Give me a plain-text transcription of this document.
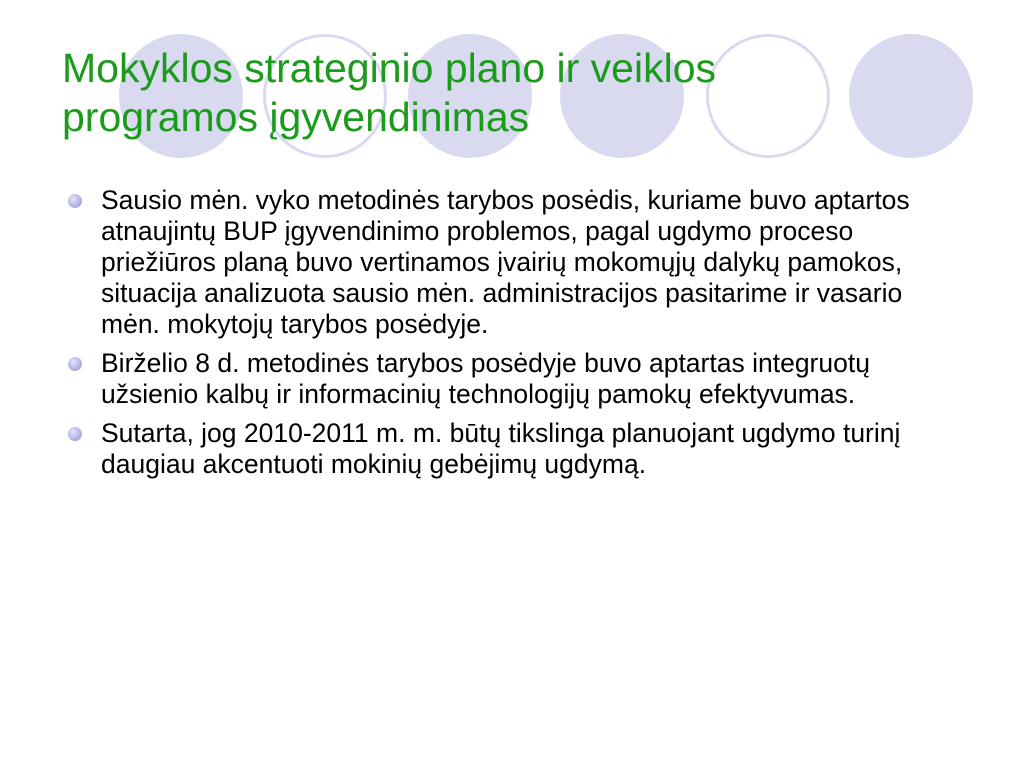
Mokyklos strateginio plano ir veiklos
programos įgyvendinimas
Sausio mėn. vyko metodinės tarybos posėdis, kuriame buvo aptartos atnaujintų BUP įgyvendinimo problemos, pagal ugdymo proceso priežiūros planą buvo vertinamos įvairių mokomųjų dalykų pamokos, situacija analizuota sausio mėn. administracijos pasitarime ir vasario mėn. mokytojų tarybos posėdyje.
Birželio 8 d. metodinės tarybos posėdyje buvo aptartas integruotų užsienio kalbų ir informacinių technologijų pamokų efektyvumas.
Sutarta, jog 2010-2011 m. m. būtų tikslinga planuojant ugdymo turinį daugiau akcentuoti mokinių gebėjimų ugdymą.
